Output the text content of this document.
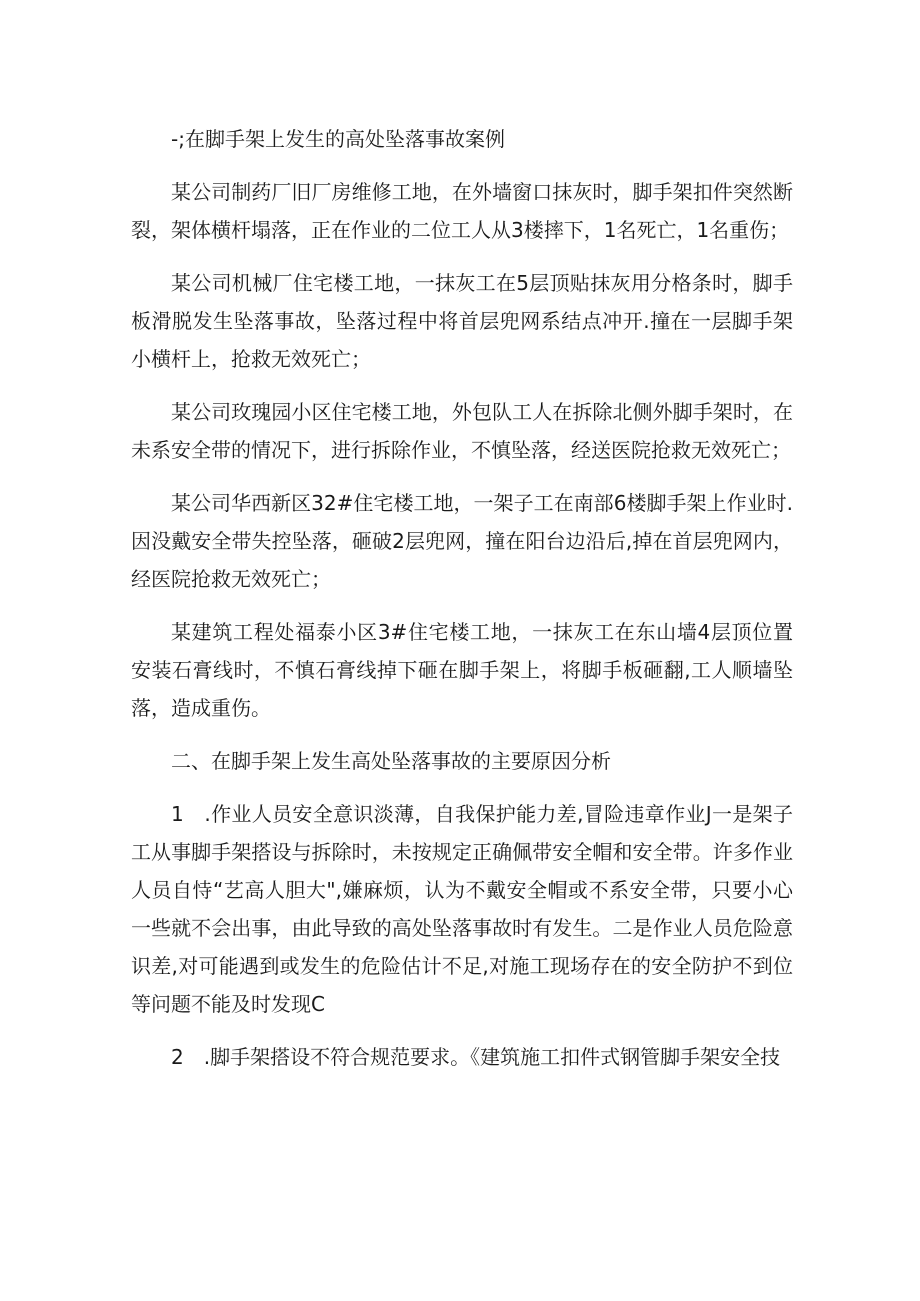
-;在脚手架上发生的高处坠落事故案例

某公司制药厂旧厂房维修工地，在外墙窗口抹灰时，脚手架扣件突然断裂，架体横杆塌落，正在作业的二位工人从3楼摔下，1名死亡，1名重伤；

某公司机械厂住宅楼工地，一抹灰工在5层顶贴抹灰用分格条时，脚手板滑脱发生坠落事故，坠落过程中将首层兜网系结点冲开.撞在一层脚手架小横杆上，抢救无效死亡；

某公司玫瑰园小区住宅楼工地，外包队工人在拆除北侧外脚手架时，在未系安全带的情况下，进行拆除作业，不慎坠落，经送医院抢救无效死亡；

某公司华西新区32#住宅楼工地，一架子工在南部6楼脚手架上作业时.因没戴安全带失控坠落，砸破2层兜网，撞在阳台边沿后,掉在首层兜网内，经医院抢救无效死亡；

某建筑工程处福泰小区3#住宅楼工地，一抹灰工在东山墙4层顶位置安装石膏线时，不慎石膏线掉下砸在脚手架上，将脚手板砸翻,工人顺墙坠落，造成重伤。

二、在脚手架上发生高处坠落事故的主要原因分析

1　.作业人员安全意识淡薄，自我保护能力差,冒险违章作业J一是架子工从事脚手架搭设与拆除时，未按规定正确佩带安全帽和安全带。许多作业人员自恃“艺高人胆大",嫌麻烦，认为不戴安全帽或不系安全带，只要小心一些就不会出事，由此导致的高处坠落事故时有发生。二是作业人员危险意识差,对可能遇到或发生的危险估计不足,对施工现场存在的安全防护不到位等问题不能及时发现C

2　.脚手架搭设不符合规范要求。《建筑施工扣件式钢管脚手架安全技
